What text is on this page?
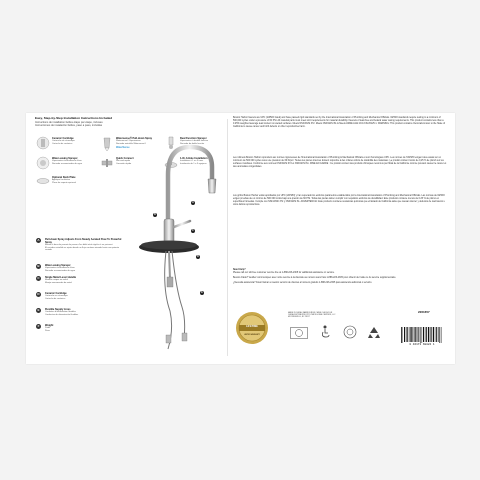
Easy, Step-by-Step Installation Instructions Included
Instructions de installation faciles étape par étape, incluses
Instrucciones de instalación fáciles, paso a paso, incluidas
Ceramic Cartridge
Cartouche de céramique
Cartucho de cerámica
Watersense® Pull-down Spray
Watersense® Vaporisateur
Rociador extraíble Watersense®
WaterSense
Dual Function Sprayer
Vaporisateur à double fonction
Rociador de doble función
Water-saving Sprayer
Vaporisateur économiseur d'eau
Rociador economizador de agua
Quick Connect
Raccord rapide
Conexión rápida
1-Or-3-Hole Installation
Installation à 1 ou 3 trous
Instalación de 1 o 3 agujeros
Optional Deck Plate
Applique facultative
Placa de soporte opcional
A
B
C
D
E
A	Pull-down Spray Adjusts From Steady Aerated Flow To Powerful Spray
Bouton à bascule permet de passer d'un débit aéré régulier à un puissant
El rociador extraíble se ajusta desde un flujo continuo aireado hasta una potente rociada
B	Water-saving Sprayer
Vaporisateur économiseur d'eau
Rociador economizador de agua
C	Single Metal Lever Handle
Manette unique en métal
Manija monomando de metal
D	Ceramic Cartridge
Cartouche en céramique
Cartucho de cerámica
E	Flexible Supply Lines
Conduites d'alimentation flexibles
Conductos de alimentación flexibles
F	Weight
Poids
Peso
Boston Harbor faucets are UPC (IAPMO listed) and have passed rigid standards set by the International Association of Plumbing and Mechanical Officials. IAPMO standards require testing to a minimum of 500,000 cycles under a pressure of 60 PSI. All material parts must meet strict requirements for material durability. Faucets of lead-free and federal water saving requirements. This product contains less than a 0.25% weighted average lead content on wetted surfaces. Meets NSF/ANSI 372. Meets NSF/ANSI 61 & Meets ASME A112.18.1/CSA B125.1. WARNING: This product contains chemicals known to the State of California to cause cancer and birth defects or other reproductive harm.
Les robinets Boston Harbor répondent aux normes rigoureuses de l'International Association of Plumbing & Mechanical Officials et sont homologués UPC. Les normes de l'IAPMO exigent des essais sur un minimum de 500 000 cycles sous une pression de 60 lb/po². Toutes les pièces internes doivent répondre à des critères stricts de durabilité des matériaux. Le produit contient moins de 0,25 % de plomb sur les surfaces mouillées. Conforme aux normes NSF/ANSI 372 et NSF/ANSI 61. MISE EN GARDE : Ce produit contient des produits chimiques reconnus par l'État de la Californie comme pouvant causer le cancer et des anomalies congénitales.
Los grifos Boston Harbor están aprobados por UPC (IAPMO) y han superado los estrictos parámetros establecidos por la International Association of Plumbing and Mechanical Officials. Las normas de IAPMO exigen pruebas de un mínimo de 500 000 ciclos bajo una presión de 60 PSI. Todas las piezas deben cumplir con requisitos estrictos de durabilidad. Este producto contiene menos de 0.25 % de plomo en superficies húmedas. Cumple con NSF/ANSI 372 y NSF/ANSI 61. ADVERTENCIA: Este producto contiene sustancias químicas que el Estado de California sabe que causan cáncer y defectos de nacimiento u otros daños reproductivos.
Need Help?
Please call our toll-free customer service line at 1-888-226-2305 for additional assistance or service.
Besoin d'aide? Veuillez communiquer avec notre service à la clientèle au numéro sans frais 1-888-226-2305 pour obtenir de l'aide ou du service supplémentaire.
¿Necesita asistencia? Favor llamar a nuestro servicio de clientes al número gratuito 1-888-226-2305 para asistencia adicional o servicio.
LIFETIME
LIMITED WARRANTY
MADE IN CHINA / FABRIQUÉ EN CHINE / HECHO EN CHINA DISTRIBUTED BY LOWE'S HOME CENTERS, LLC MOORESVILLE, NC 28117
2261657
0 46173 68824 1
